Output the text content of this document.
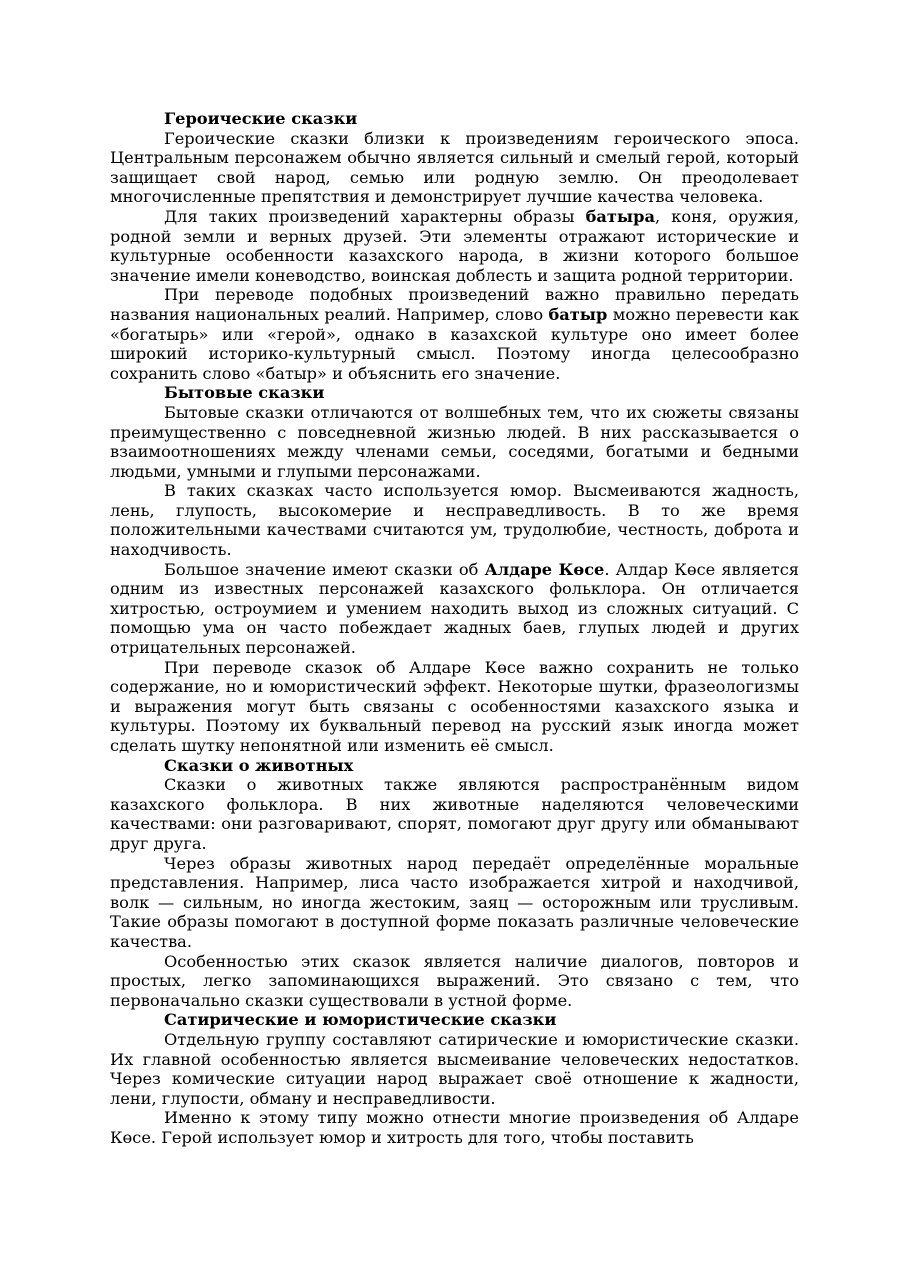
Героические сказки

Героические сказки близки к произведениям героического эпоса. Центральным персонажем обычно является сильный и смелый герой, который защищает свой народ, семью или родную землю. Он преодолевает многочисленные препятствия и демонстрирует лучшие качества человека.

Для таких произведений характерны образы батыра, коня, оружия, родной земли и верных друзей. Эти элементы отражают исторические и культурные особенности казахского народа, в жизни которого большое значение имели коневодство, воинская доблесть и защита родной территории.

При переводе подобных произведений важно правильно передать названия национальных реалий. Например, слово батыр можно перевести как «богатырь» или «герой», однако в казахской культуре оно имеет более широкий историко-культурный смысл. Поэтому иногда целесообразно сохранить слово «батыр» и объяснить его значение.

Бытовые сказки

Бытовые сказки отличаются от волшебных тем, что их сюжеты связаны преимущественно с повседневной жизнью людей. В них рассказывается о взаимоотношениях между членами семьи, соседями, богатыми и бедными людьми, умными и глупыми персонажами.

В таких сказках часто используется юмор. Высмеиваются жадность, лень, глупость, высокомерие и несправедливость. В то же время положительными качествами считаются ум, трудолюбие, честность, доброта и находчивость.

Большое значение имеют сказки об Алдаре Көсе. Алдар Көсе является одним из известных персонажей казахского фольклора. Он отличается хитростью, остроумием и умением находить выход из сложных ситуаций. С помощью ума он часто побеждает жадных баев, глупых людей и других отрицательных персонажей.

При переводе сказок об Алдаре Көсе важно сохранить не только содержание, но и юмористический эффект. Некоторые шутки, фразеологизмы и выражения могут быть связаны с особенностями казахского языка и культуры. Поэтому их буквальный перевод на русский язык иногда может сделать шутку непонятной или изменить её смысл.

Сказки о животных

Сказки о животных также являются распространённым видом казахского фольклора. В них животные наделяются человеческими качествами: они разговаривают, спорят, помогают друг другу или обманывают друг друга.

Через образы животных народ передаёт определённые моральные представления. Например, лиса часто изображается хитрой и находчивой, волк — сильным, но иногда жестоким, заяц — осторожным или трусливым. Такие образы помогают в доступной форме показать различные человеческие качества.

Особенностью этих сказок является наличие диалогов, повторов и простых, легко запоминающихся выражений. Это связано с тем, что первоначально сказки существовали в устной форме.

Сатирические и юмористические сказки

Отдельную группу составляют сатирические и юмористические сказки. Их главной особенностью является высмеивание человеческих недостатков. Через комические ситуации народ выражает своё отношение к жадности, лени, глупости, обману и несправедливости.

Именно к этому типу можно отнести многие произведения об Алдаре Көсе. Герой использует юмор и хитрость для того, чтобы поставить
